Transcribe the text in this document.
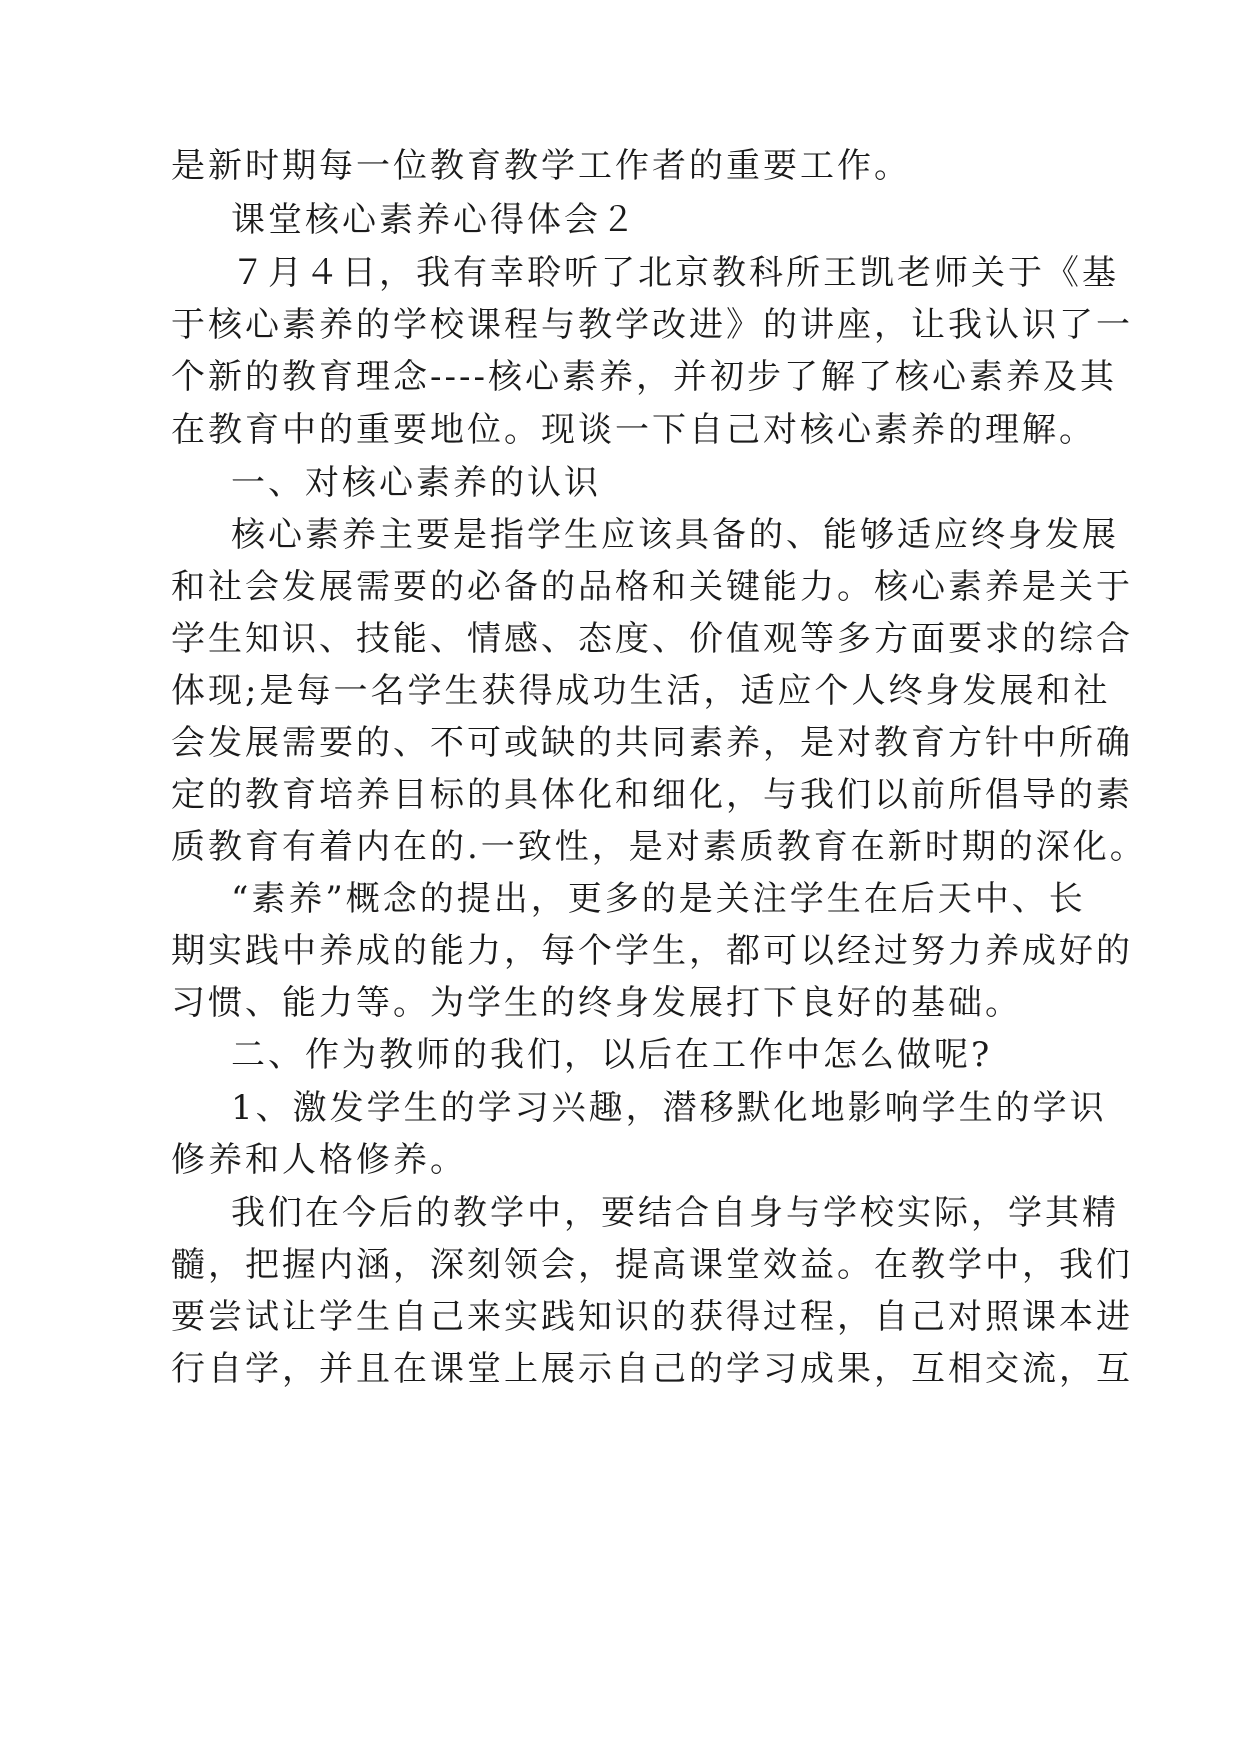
是新时期每一位教育教学工作者的重要工作。
课堂核心素养心得体会２
７月４日，我有幸聆听了北京教科所王凯老师关于《基
于核心素养的学校课程与教学改进》的讲座，让我认识了一
个新的教育理念----核心素养，并初步了解了核心素养及其
在教育中的重要地位。现谈一下自己对核心素养的理解。
一、对核心素养的认识
核心素养主要是指学生应该具备的、能够适应终身发展
和社会发展需要的必备的品格和关键能力。核心素养是关于
学生知识、技能、情感、态度、价值观等多方面要求的综合
体现;是每一名学生获得成功生活，适应个人终身发展和社
会发展需要的、不可或缺的共同素养，是对教育方针中所确
定的教育培养目标的具体化和细化，与我们以前所倡导的素
质教育有着内在的.一致性，是对素质教育在新时期的深化。
“素养”概念的提出，更多的是关注学生在后天中、长
期实践中养成的能力，每个学生，都可以经过努力养成好的
习惯、能力等。为学生的终身发展打下良好的基础。
二、作为教师的我们，以后在工作中怎么做呢?
1、激发学生的学习兴趣，潜移默化地影响学生的学识
修养和人格修养。
我们在今后的教学中，要结合自身与学校实际，学其精
髓，把握内涵，深刻领会，提高课堂效益。在教学中，我们
要尝试让学生自己来实践知识的获得过程，自己对照课本进
行自学，并且在课堂上展示自己的学习成果，互相交流，互
